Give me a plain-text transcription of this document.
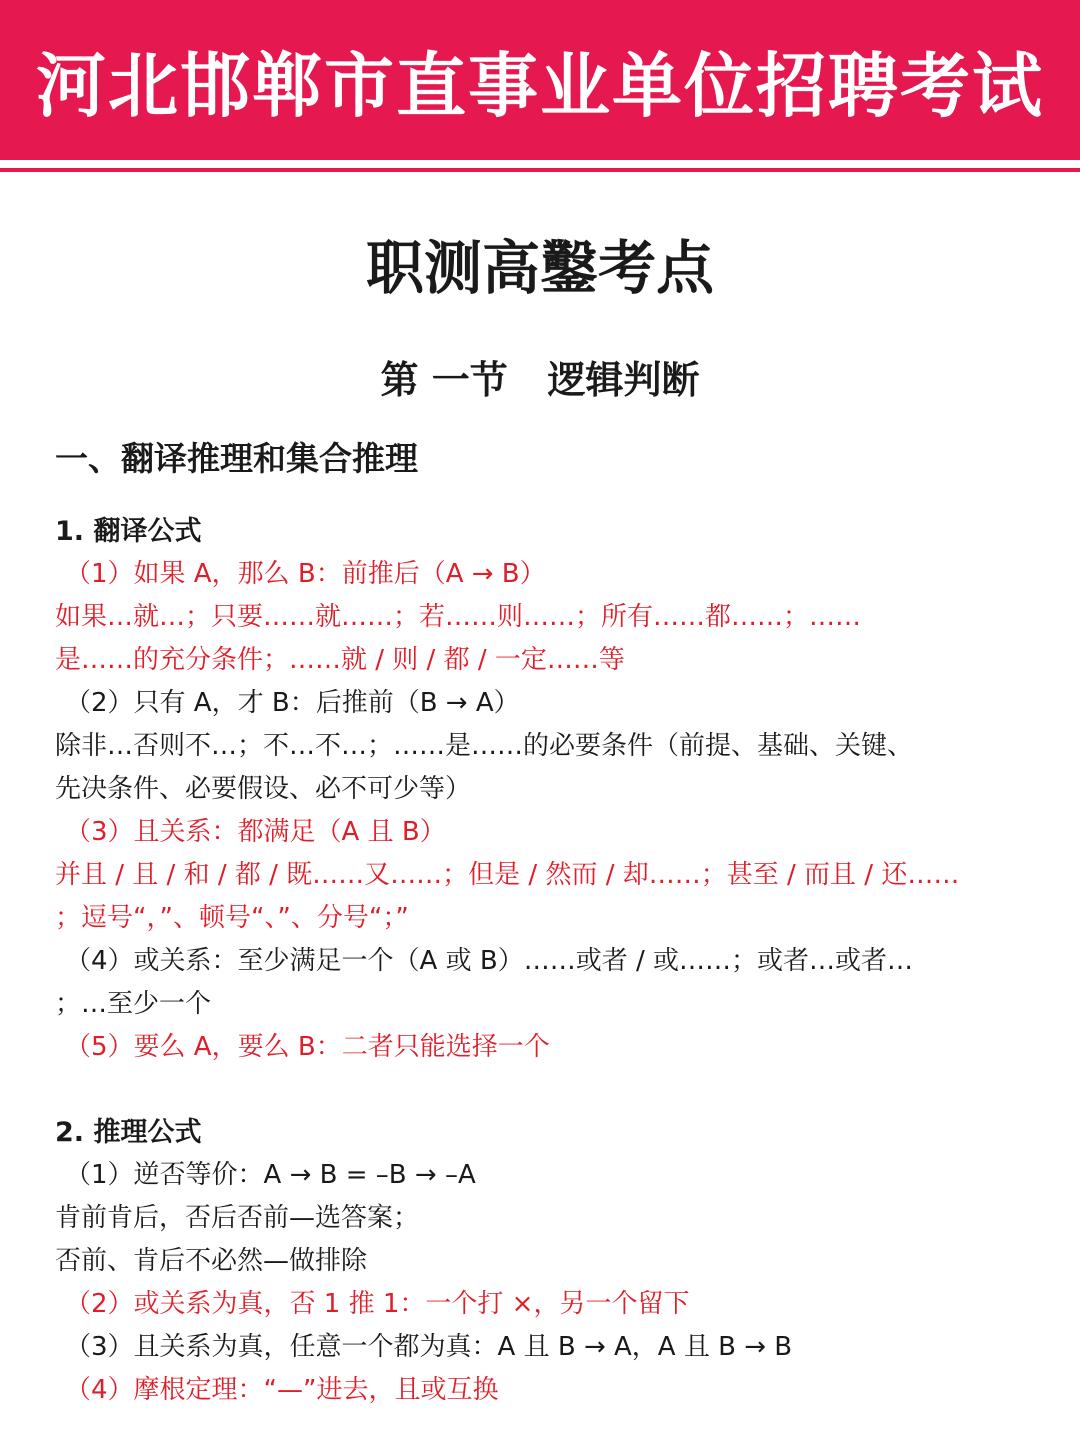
河北邯郸市直事业单位招聘考试
职测高鑿考点
第 一节   逻辑判断
一、翻译推理和集合推理
1. 翻译公式
（1）如果 A，那么 B：前推后（A → B）
如果…就…；只要……就……；若……则……；所有……都……；……
是……的充分条件；……就 / 则 / 都 / 一定……等
（2）只有 A，才 B：后推前（B → A）
除非…否则不…；不…不…；……是……的必要条件（前提、基础、关键、
先决条件、必要假设、必不可少等）
（3）且关系：都满足（A 且 B）
并且 / 且 / 和 / 都 / 既……又……；但是 / 然而 / 却……；甚至 / 而且 / 还……
；逗号“，”、顿号“、”、分号“；”
（4）或关系：至少满足一个（A 或 B）……或者 / 或……；或者…或者…
；…至少一个
（5）要么 A，要么 B：二者只能选择一个
2. 推理公式
（1）逆否等价：A → B = –B → –A
肯前肯后，否后否前—选答案；
否前、肯后不必然—做排除
（2）或关系为真，否 1 推 1：一个打 ×，另一个留下
（3）且关系为真，任意一个都为真：A 且 B → A，A 且 B → B
（4）摩根定理：“—”进去，且或互换
